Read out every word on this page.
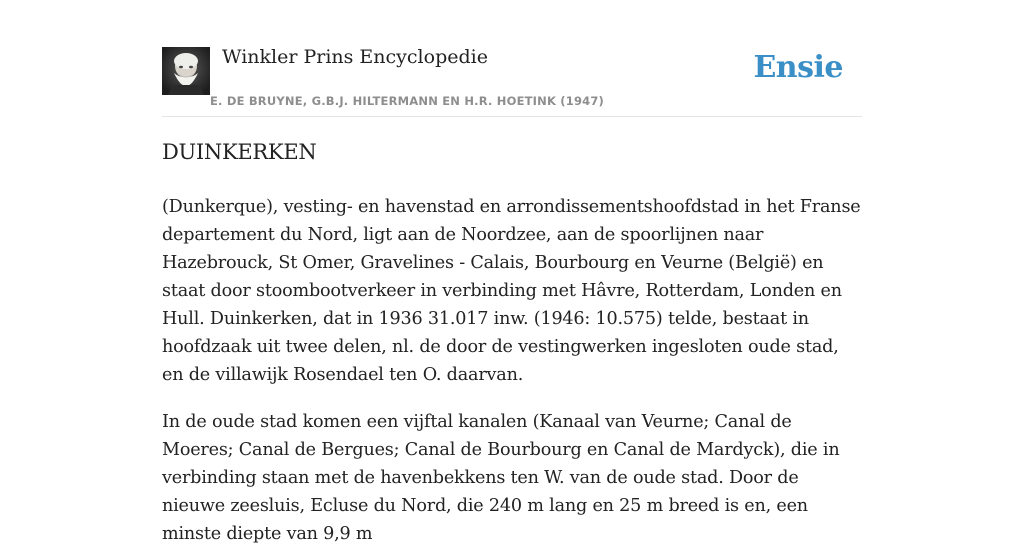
Winkler Prins Encyclopedie
E. DE BRUYNE, G.B.J. HILTERMANN EN H.R. HOETINK (1947)
Ensie
DUINKERKEN

(Dunkerque), vesting- en havenstad en arrondissementshoofdstad in het Franse departement du Nord, ligt aan de Noordzee, aan de spoorlijnen naar Hazebrouck, St Omer, Gravelines - Calais, Bourbourg en Veurne (België) en staat door stoombootverkeer in verbinding met Hâvre, Rotterdam, Londen en Hull. Duinkerken, dat in 1936 31.017 inw. (1946: 10.575) telde, bestaat in hoofdzaak uit twee delen, nl. de door de vestingwerken ingesloten oude stad, en de villawijk Rosendael ten O. daarvan.

In de oude stad komen een vijftal kanalen (Kanaal van Veurne; Canal de Moeres; Canal de Bergues; Canal de Bourbourg en Canal de Mardyck), die in verbinding staan met de havenbekkens ten W. van de oude stad. Door de nieuwe zeesluis, Ecluse du Nord, die 240 m lang en 25 m breed is en, een minste diepte van 9,9 m
